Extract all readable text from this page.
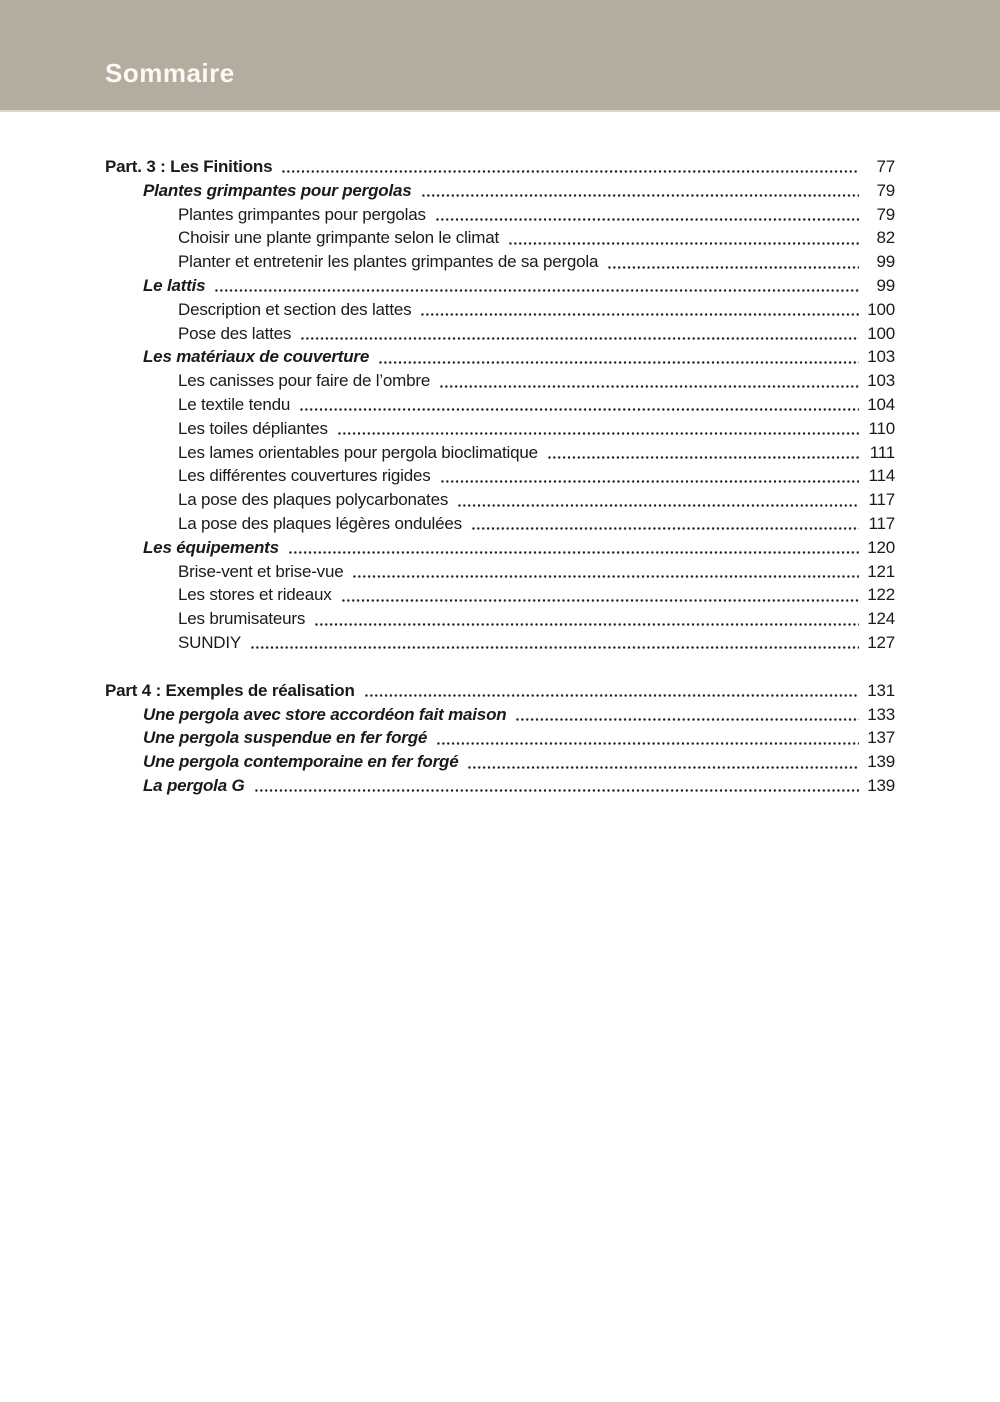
Sommaire
Part. 3 : Les Finitions	77
Plantes grimpantes pour pergolas	79
Plantes grimpantes pour pergolas	79
Choisir une plante grimpante selon le climat	82
Planter et entretenir les plantes grimpantes de sa pergola	99
Le lattis	99
Description et section des lattes	100
Pose des lattes	100
Les matériaux de couverture	103
Les canisses pour faire de l’ombre	103
Le textile tendu	104
Les toiles dépliantes	110
Les lames orientables pour pergola bioclimatique	111
Les différentes couvertures rigides	114
La pose des plaques polycarbonates	117
La pose des plaques légères ondulées	117
Les équipements	120
Brise-vent et brise-vue	121
Les stores et rideaux	122
Les brumisateurs	124
SUNDIY	127
Part 4 : Exemples de réalisation	131
Une pergola avec store accordéon fait maison	133
Une pergola suspendue en fer forgé	137
Une pergola contemporaine en fer forgé	139
La pergola G	139
